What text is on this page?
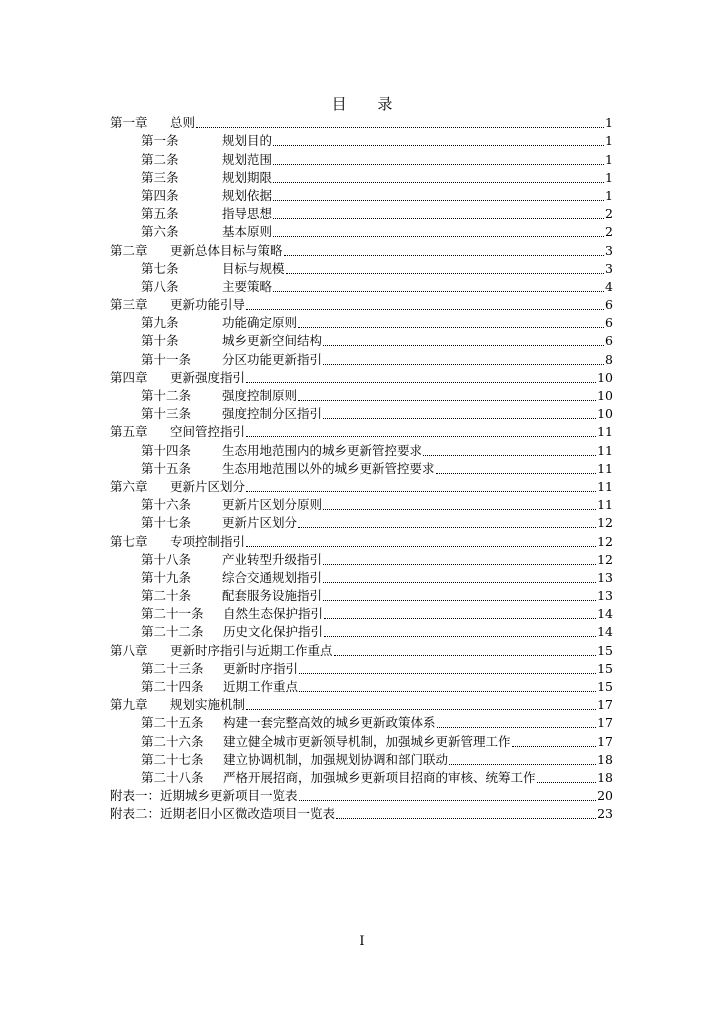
目 录
第一章	总则	1
第一条	规划目的	1
第二条	规划范围	1
第三条	规划期限	1
第四条	规划依据	1
第五条	指导思想	2
第六条	基本原则	2
第二章	更新总体目标与策略	3
第七条	目标与规模	3
第八条	主要策略	4
第三章	更新功能引导	6
第九条	功能确定原则	6
第十条	城乡更新空间结构	6
第十一条	分区功能更新指引	8
第四章	更新强度指引	10
第十二条	强度控制原则	10
第十三条	强度控制分区指引	10
第五章	空间管控指引	11
第十四条	生态用地范围内的城乡更新管控要求	11
第十五条	生态用地范围以外的城乡更新管控要求	11
第六章	更新片区划分	11
第十六条	更新片区划分原则	11
第十七条	更新片区划分	12
第七章	专项控制指引	12
第十八条	产业转型升级指引	12
第十九条	综合交通规划指引	13
第二十条	配套服务设施指引	13
第二十一条	自然生态保护指引	14
第二十二条	历史文化保护指引	14
第八章	更新时序指引与近期工作重点	15
第二十三条	更新时序指引	15
第二十四条	近期工作重点	15
第九章	规划实施机制	17
第二十五条	构建一套完整高效的城乡更新政策体系	17
第二十六条	建立健全城市更新领导机制，加强城乡更新管理工作	17
第二十七条	建立协调机制，加强规划协调和部门联动	18
第二十八条	严格开展招商，加强城乡更新项目招商的审核、统筹工作	18
附表一：近期城乡更新项目一览表	20
附表二：近期老旧小区微改造项目一览表	23
I
